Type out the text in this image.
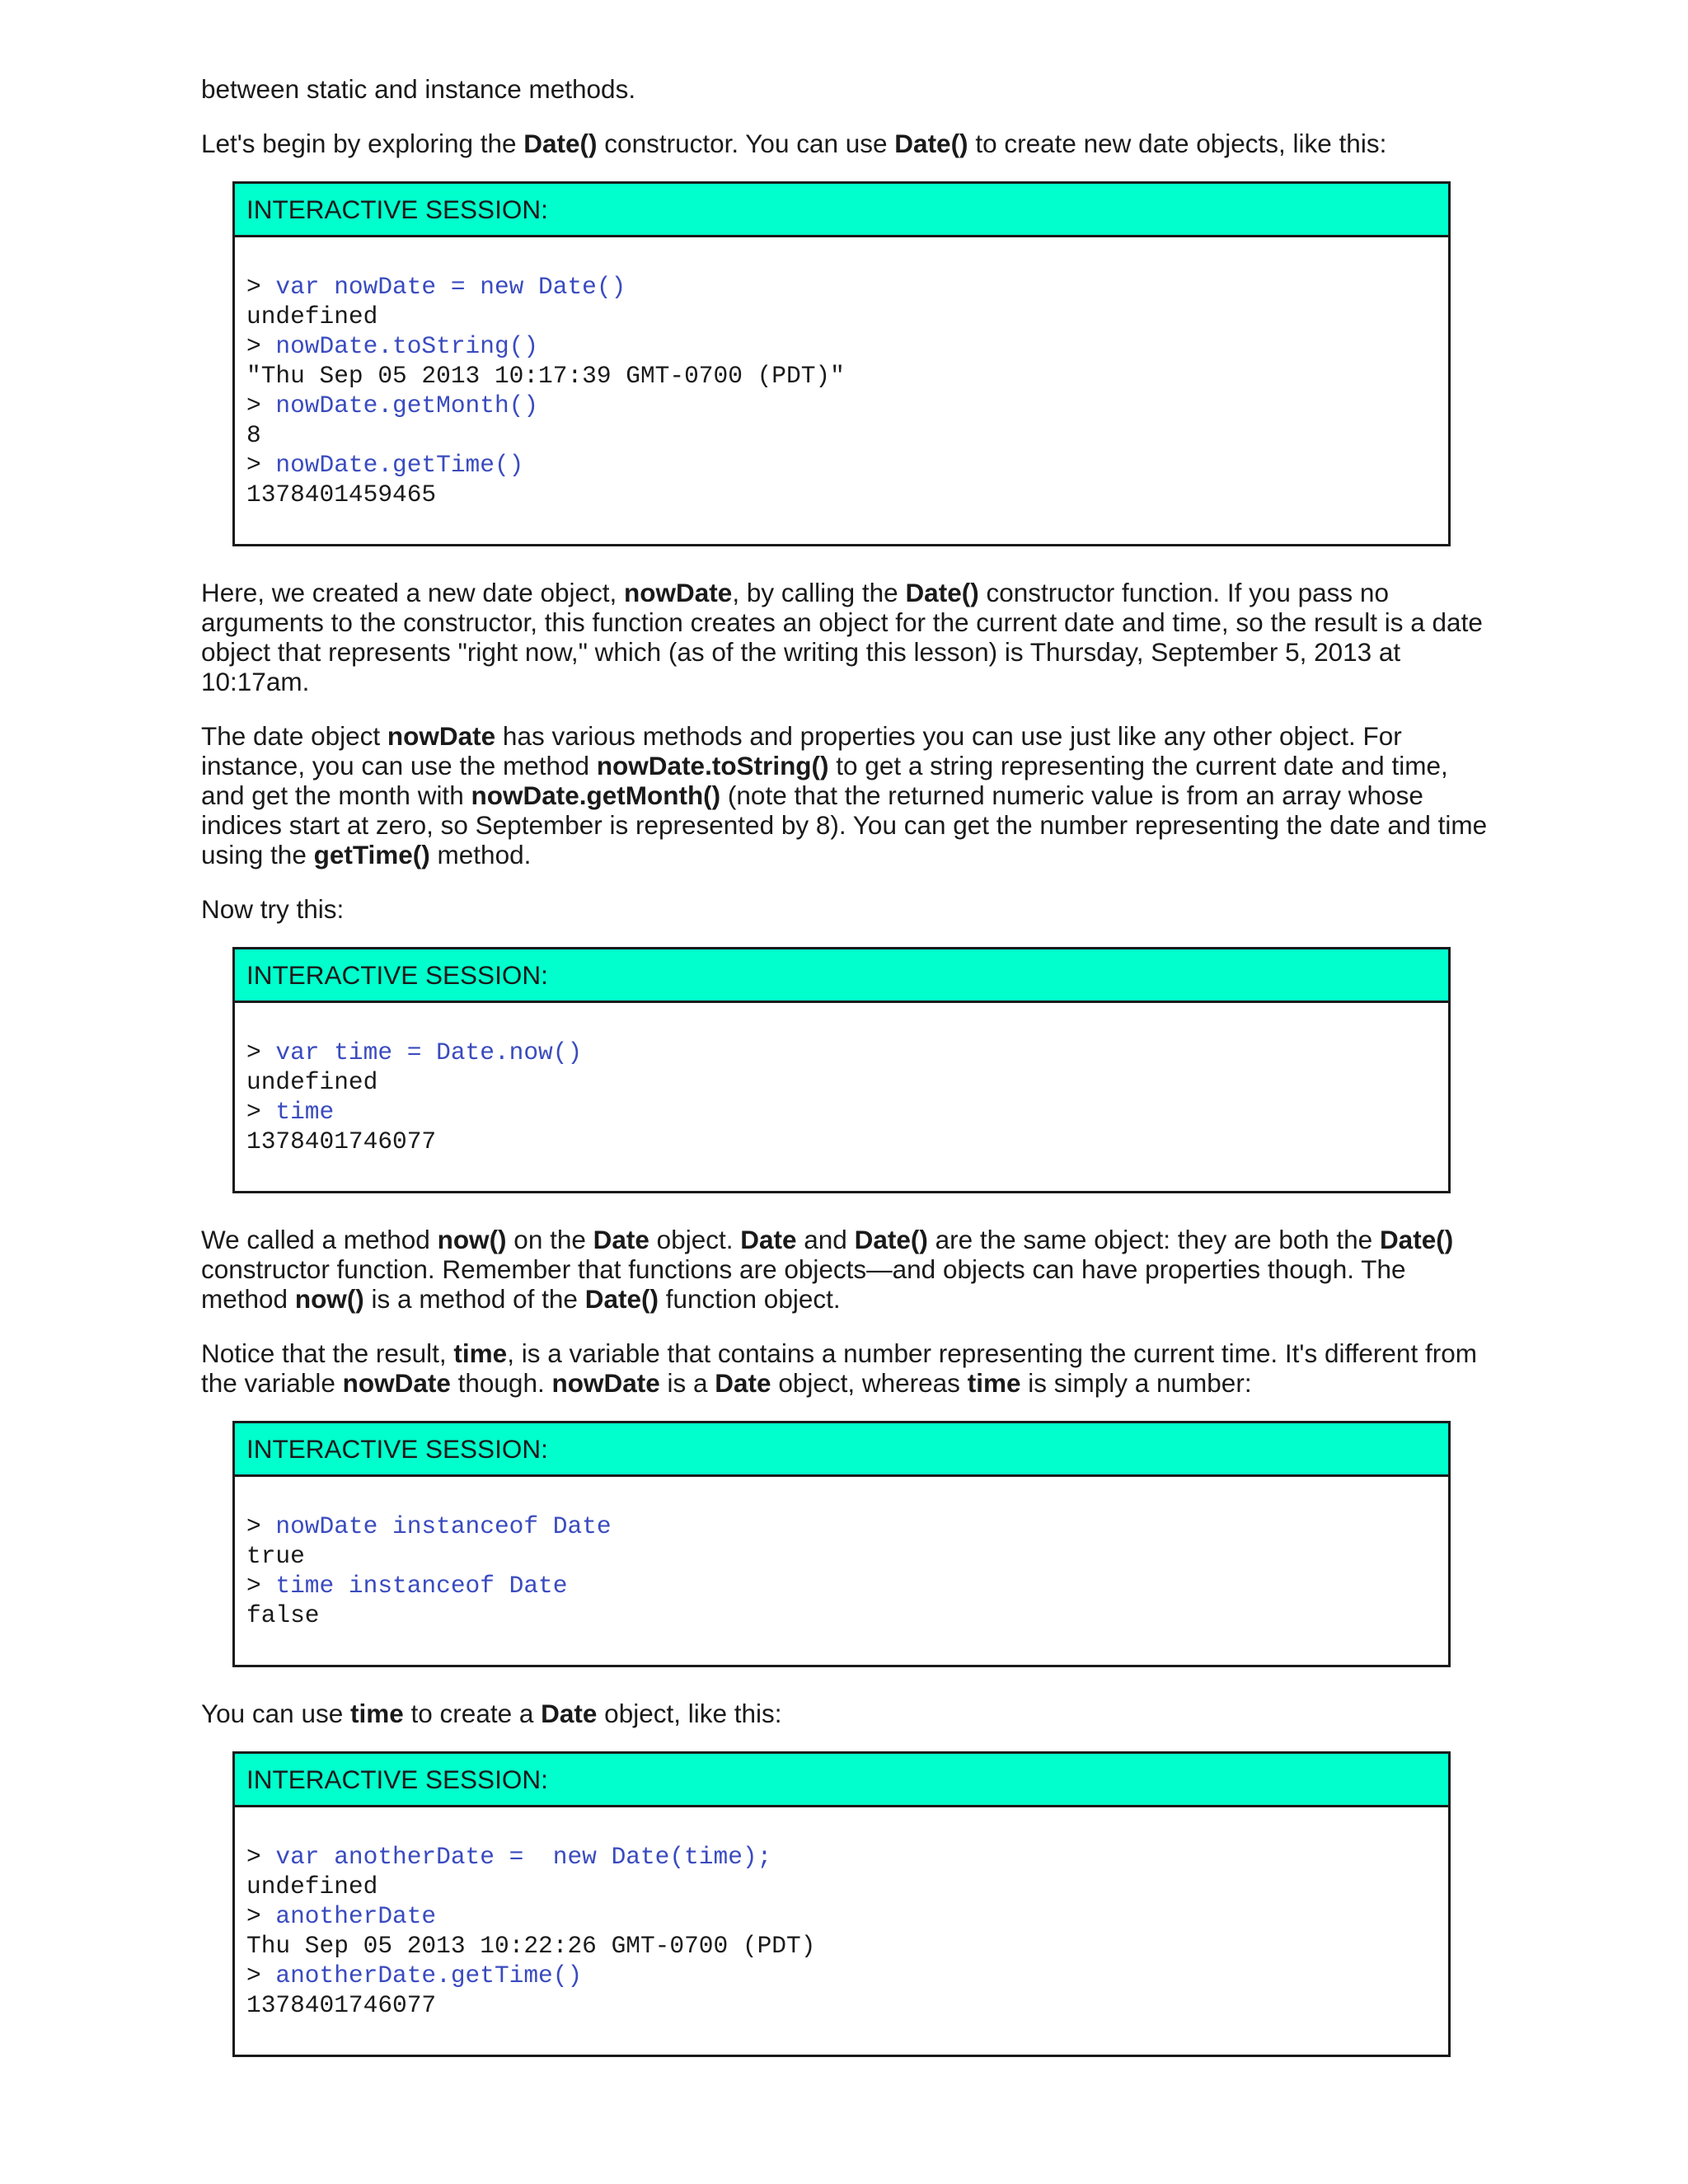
between static and instance methods.

Let's begin by exploring the Date() constructor. You can use Date() to create new date objects, like this:

INTERACTIVE SESSION:
> var nowDate = new Date()
undefined
> nowDate.toString()
"Thu Sep 05 2013 10:17:39 GMT-0700 (PDT)"
> nowDate.getMonth()
8
> nowDate.getTime()
1378401459465

Here, we created a new date object, nowDate, by calling the Date() constructor function. If you pass no arguments to the constructor, this function creates an object for the current date and time, so the result is a date object that represents "right now," which (as of the writing this lesson) is Thursday, September 5, 2013 at 10:17am.

The date object nowDate has various methods and properties you can use just like any other object. For instance, you can use the method nowDate.toString() to get a string representing the current date and time, and get the month with nowDate.getMonth() (note that the returned numeric value is from an array whose indices start at zero, so September is represented by 8). You can get the number representing the date and time using the getTime() method.

Now try this:

INTERACTIVE SESSION:
> var time = Date.now()
undefined
> time
1378401746077

We called a method now() on the Date object. Date and Date() are the same object: they are both the Date() constructor function. Remember that functions are objects—and objects can have properties though. The method now() is a method of the Date() function object.

Notice that the result, time, is a variable that contains a number representing the current time. It's different from the variable nowDate though. nowDate is a Date object, whereas time is simply a number:

INTERACTIVE SESSION:
> nowDate instanceof Date
true
> time instanceof Date
false

You can use time to create a Date object, like this:

INTERACTIVE SESSION:
> var anotherDate =  new Date(time);
undefined
> anotherDate
Thu Sep 05 2013 10:22:26 GMT-0700 (PDT)
> anotherDate.getTime()
1378401746077
